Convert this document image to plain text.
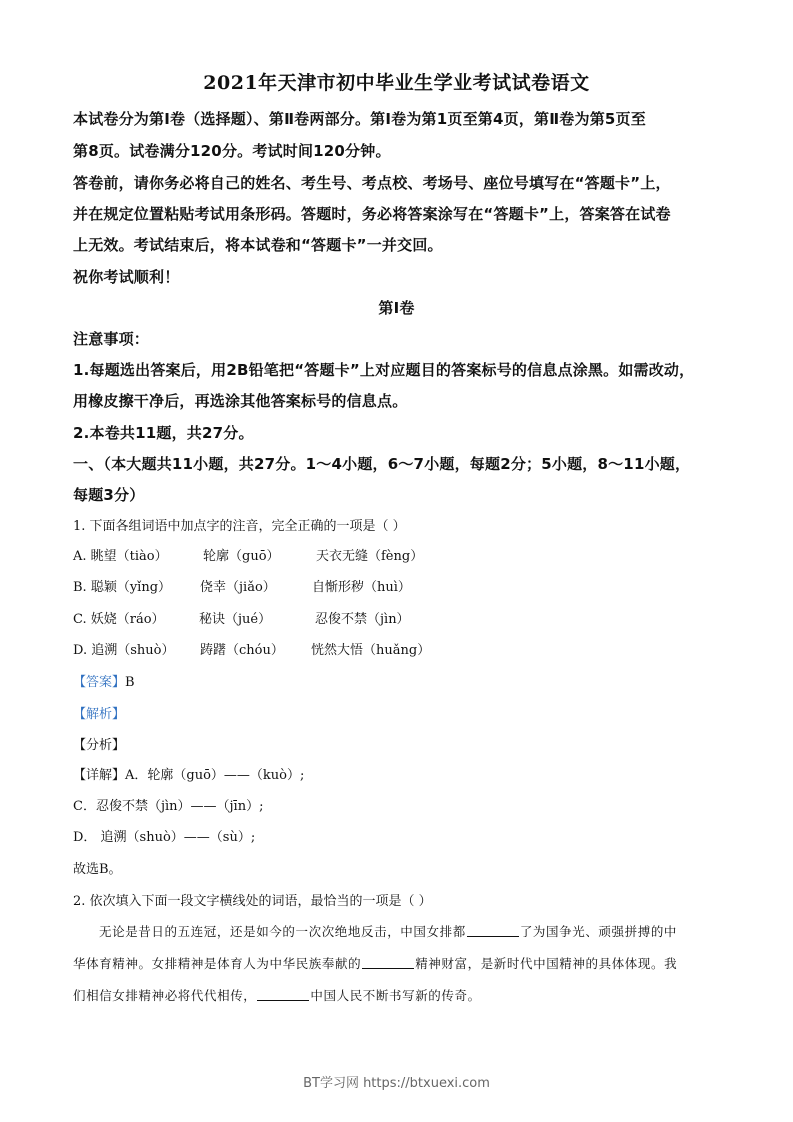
2021年天津市初中毕业生学业考试试卷语文
本试卷分为第Ⅰ卷（选择题）、第Ⅱ卷两部分。第Ⅰ卷为第1页至第4页，第Ⅱ卷为第5页至
第8页。试卷满分120分。考试时间120分钟。
答卷前，请你务必将自己的姓名、考生号、考点校、考场号、座位号填写在“答题卡”上，
并在规定位置粘贴考试用条形码。答题时，务必将答案涂写在“答题卡”上，答案答在试卷
上无效。考试结束后，将本试卷和“答题卡”一并交回。
祝你考试顺利！
第Ⅰ卷
注意事项：
1.每题选出答案后，用2B铅笔把“答题卡”上对应题目的答案标号的信息点涂黑。如需改动，
用橡皮擦干净后，再选涂其他答案标号的信息点。
2.本卷共11题，共27分。
一、（本大题共11小题，共27分。1～4小题，6～7小题，每题2分；5小题，8～11小题，
每题3分）
1. 下面各组词语中加点字的注音，完全正确的一项是（ ）
A. 眺望（tiào）	轮廓（guō）	天衣无缝（fèng）
B. 聪颖（yǐng） 侥幸（jiǎo）	自惭形秽（huì）
C. 妖娆（ráo）	秘诀（jué）	忍俊不禁（jìn）
D. 追溯（shuò） 踌躇（chóu） 恍然大悟（huǎng）
【答案】B
【解析】
【分析】
【详解】A．轮廓（guō）——（kuò）;
C．忍俊不禁（jìn）——（jīn）;
D． 追溯（shuò）——（sù）;
故选B。
2. 依次填入下面一段文字横线处的词语，最恰当的一项是（ ）
无论是昔日的五连冠，还是如今的一次次绝地反击，中国女排都	了为国争光、顽强拼搏的中
华体育精神。女排精神是体育人为中华民族奉献的	精神财富，是新时代中国精神的具体体现。我
们相信女排精神必将代代相传，	中国人民不断书写新的传奇。
BT学习网 https://btxuexi.com
